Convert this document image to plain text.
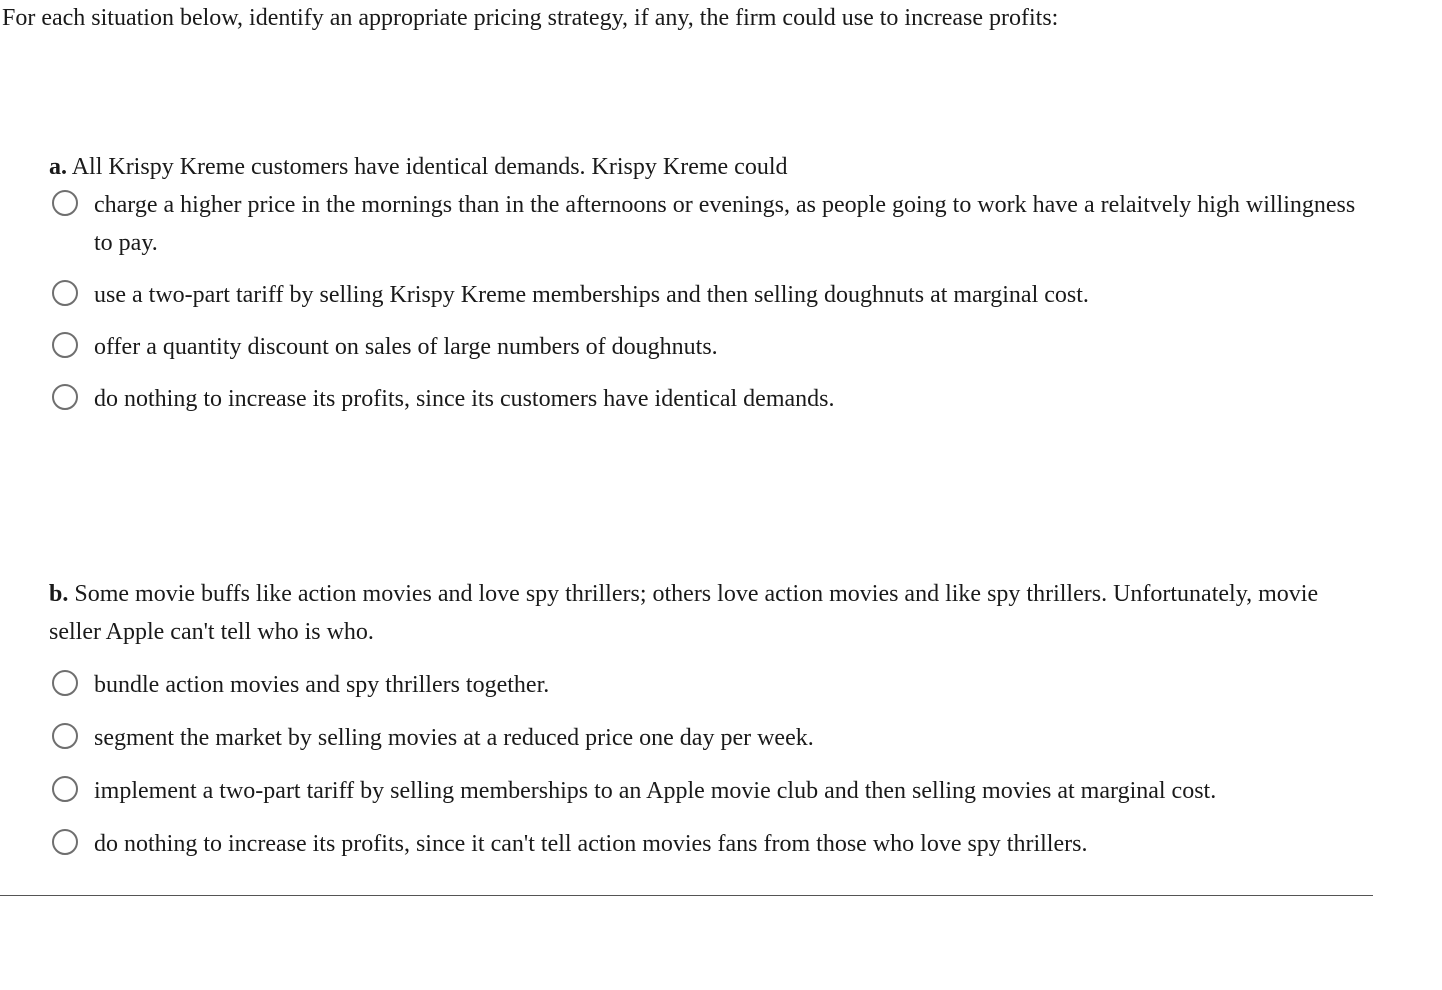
For each situation below, identify an appropriate pricing strategy, if any, the firm could use to increase profits:
a. All Krispy Kreme customers have identical demands. Krispy Kreme could
charge a higher price in the mornings than in the afternoons or evenings, as people going to work have a relaitvely high willingness to pay.
use a two-part tariff by selling Krispy Kreme memberships and then selling doughnuts at marginal cost.
offer a quantity discount on sales of large numbers of doughnuts.
do nothing to increase its profits, since its customers have identical demands.
b. Some movie buffs like action movies and love spy thrillers; others love action movies and like spy thrillers. Unfortunately, movie seller Apple can't tell who is who.
bundle action movies and spy thrillers together.
segment the market by selling movies at a reduced price one day per week.
implement a two-part tariff by selling memberships to an Apple movie club and then selling movies at marginal cost.
do nothing to increase its profits, since it can't tell action movies fans from those who love spy thrillers.
